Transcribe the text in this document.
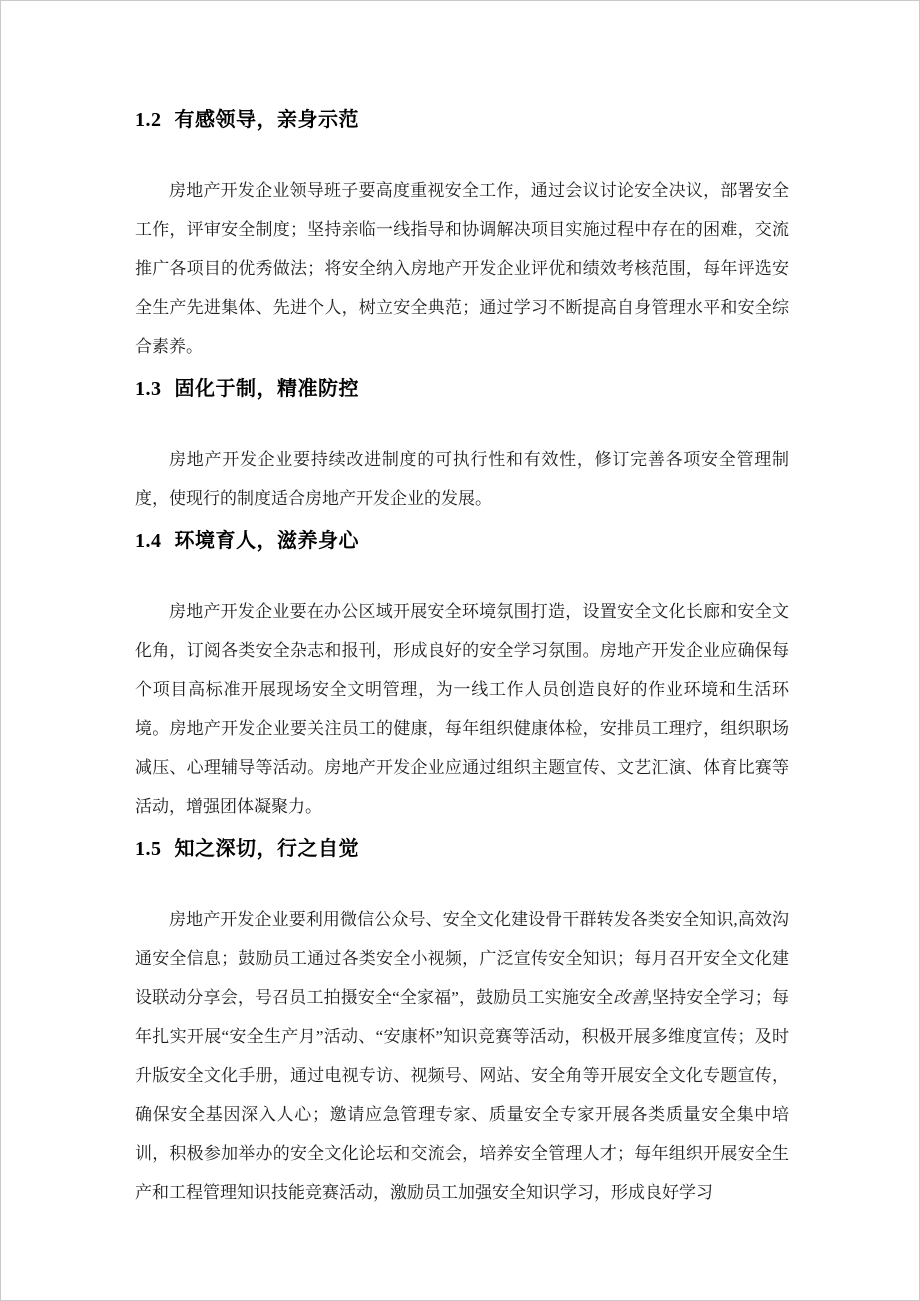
1.2 有感领导，亲身示范

房地产开发企业领导班子要高度重视安全工作，通过会议讨论安全决议，部署安全工作，评审安全制度；坚持亲临一线指导和协调解决项目实施过程中存在的困难，交流推广各项目的优秀做法；将安全纳入房地产开发企业评优和绩效考核范围，每年评选安全生产先进集体、先进个人，树立安全典范；通过学习不断提高自身管理水平和安全综合素养。

1.3 固化于制，精准防控

房地产开发企业要持续改进制度的可执行性和有效性，修订完善各项安全管理制度，使现行的制度适合房地产开发企业的发展。

1.4 环境育人，滋养身心

房地产开发企业要在办公区域开展安全环境氛围打造，设置安全文化长廊和安全文化角，订阅各类安全杂志和报刊，形成良好的安全学习氛围。房地产开发企业应确保每个项目高标准开展现场安全文明管理，为一线工作人员创造良好的作业环境和生活环境。房地产开发企业要关注员工的健康，每年组织健康体检，安排员工理疗，组织职场减压、心理辅导等活动。房地产开发企业应通过组织主题宣传、文艺汇演、体育比赛等活动，增强团体凝聚力。

1.5 知之深切，行之自觉

房地产开发企业要利用微信公众号、安全文化建设骨干群转发各类安全知识,高效沟通安全信息；鼓励员工通过各类安全小视频，广泛宣传安全知识；每月召开安全文化建设联动分享会，号召员工拍摄安全“全家福”，鼓励员工实施安全改善,坚持安全学习；每年扎实开展“安全生产月”活动、“安康杯”知识竞赛等活动，积极开展多维度宣传；及时升版安全文化手册，通过电视专访、视频号、网站、安全角等开展安全文化专题宣传，确保安全基因深入人心；邀请应急管理专家、质量安全专家开展各类质量安全集中培训，积极参加举办的安全文化论坛和交流会，培养安全管理人才；每年组织开展安全生产和工程管理知识技能竞赛活动，激励员工加强安全知识学习，形成良好学习
